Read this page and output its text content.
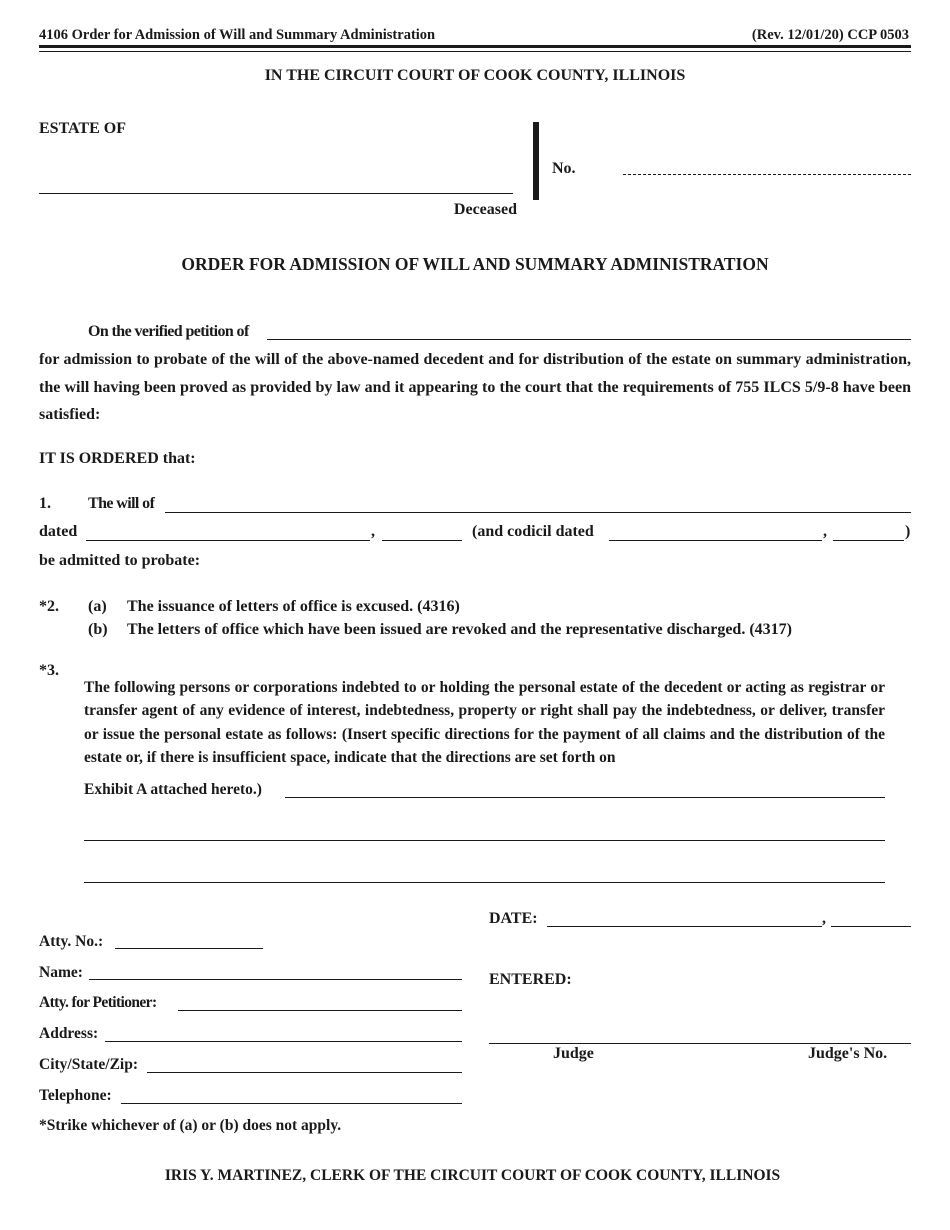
4106 Order for Admission of Will and Summary Administration	(Rev. 12/01/20) CCP 0503
IN THE CIRCUIT COURT OF COOK COUNTY, ILLINOIS
ESTATE OF
Deceased
No.
ORDER FOR ADMISSION OF WILL AND SUMMARY ADMINISTRATION
On the verified petition of
for admission to probate of the will of the above-named decedent and for distribution of the estate on summary administration, the will having been proved as provided by law and it appearing to the court that the requirements of 755 ILCS 5/9-8 have been satisfied:
IT IS ORDERED that:
1. The will of
dated	,	(and codicil dated	,	)
be admitted to probate:
*2. (a) The issuance of letters of office is excused. (4316)
(b) The letters of office which have been issued are revoked and the representative discharged. (4317)
*3.
The following persons or corporations indebted to or holding the personal estate of the decedent or acting as registrar or transfer agent of any evidence of interest, indebtedness, property or right shall pay the indebtedness, or deliver, transfer or issue the personal estate as follows: (Insert specific directions for the payment of all claims and the distribution of the estate or, if there is insufficient space, indicate that the directions are set forth on
Exhibit A attached hereto.)
Atty. No.:
Name:
Atty. for Petitioner:
Address:
City/State/Zip:
Telephone:
DATE:	,
ENTERED:
Judge	Judge's No.
*Strike whichever of (a) or (b) does not apply.
IRIS Y. MARTINEZ, CLERK OF THE CIRCUIT COURT OF COOK COUNTY, ILLINOIS
